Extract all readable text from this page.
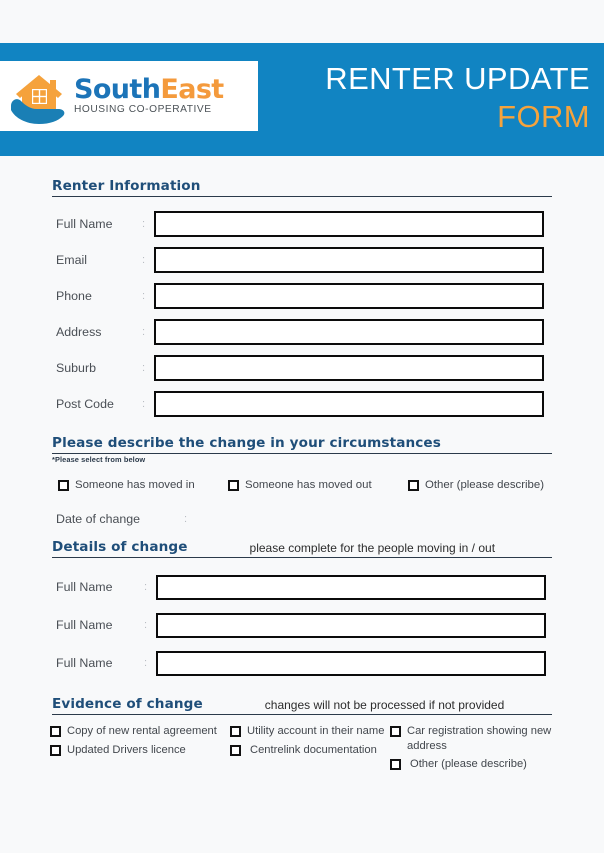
SouthEast
HOUSING CO-OPERATIVE
RENTER UPDATE
FORM
Renter Information
Full Name	:
Email	:
Phone	:
Address	:
Suburb	:
Post Code	:
Please describe the change in your circumstances
*Please select from below
Someone has moved in	Someone has moved out	Other (please describe)
Date of change	:
Details of change	please complete for the people moving in / out
Full Name	:
Full Name	:
Full Name	:
Evidence of change	changes will not be processed if not provided
Copy of new rental agreement
Updated Drivers licence
Utility account in their name
Centrelink documentation
Car registration showing new address
Other (please describe)
